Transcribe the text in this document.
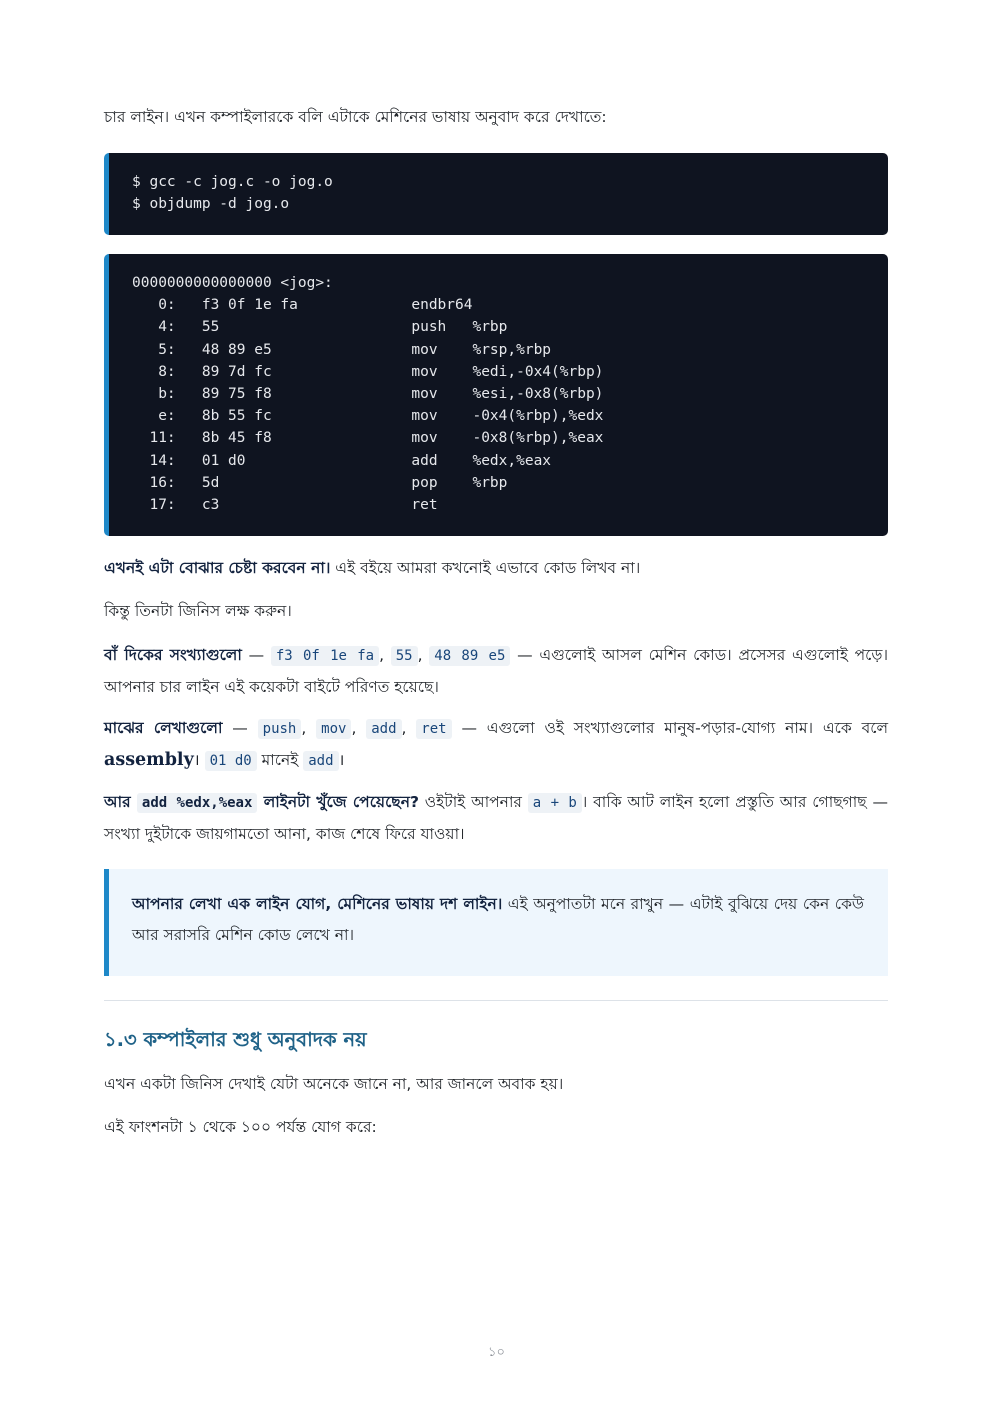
চার লাইন। এখন কম্পাইলারকে বলি এটাকে মেশিনের ভাষায় অনুবাদ করে দেখাতে:

$ gcc -c jog.c -o jog.o
$ objdump -d jog.o
0000000000000000 <jog>:
0:   f3 0f 1e fa             endbr64
4:   55                      push   %rbp
5:   48 89 e5                mov    %rsp,%rbp
8:   89 7d fc                mov    %edi,-0x4(%rbp)
b:   89 75 f8                mov    %esi,-0x8(%rbp)
e:   8b 55 fc                mov    -0x4(%rbp),%edx
11:   8b 45 f8                mov    -0x8(%rbp),%eax
14:   01 d0                   add    %edx,%eax
16:   5d                      pop    %rbp
17:   c3                      ret

এখনই এটা বোঝার চেষ্টা করবেন না। এই বইয়ে আমরা কখনোই এভাবে কোড লিখব না।

কিন্তু তিনটা জিনিস লক্ষ করুন।

বাঁ দিকের সংখ্যাগুলো — f3 0f 1e fa , 55 , 48 89 e5 — এগুলোই আসল মেশিন কোড। প্রসেসর এগুলোই পড়ে। আপনার চার লাইন এই কয়েকটা বাইটে পরিণত হয়েছে।

মাঝের লেখাগুলো — push , mov , add , ret — এগুলো ওই সংখ্যাগুলোর মানুষ-পড়ার-যোগ্য নাম। একে বলে assembly। 01 d0 মানেই add ।

আর add %edx,%eax লাইনটা খুঁজে পেয়েছেন? ওইটাই আপনার a + b । বাকি আট লাইন হলো প্রস্তুতি আর গোছগাছ — সংখ্যা দুইটাকে জায়গামতো আনা, কাজ শেষে ফিরে যাওয়া।

আপনার লেখা এক লাইন যোগ, মেশিনের ভাষায় দশ লাইন। এই অনুপাতটা মনে রাখুন — এটাই বুঝিয়ে দেয় কেন কেউ আর সরাসরি মেশিন কোড লেখে না।

১.৩ কম্পাইলার শুধু অনুবাদক নয়

এখন একটা জিনিস দেখাই যেটা অনেকে জানে না, আর জানলে অবাক হয়।

এই ফাংশনটা ১ থেকে ১০০ পর্যন্ত যোগ করে:

১০
